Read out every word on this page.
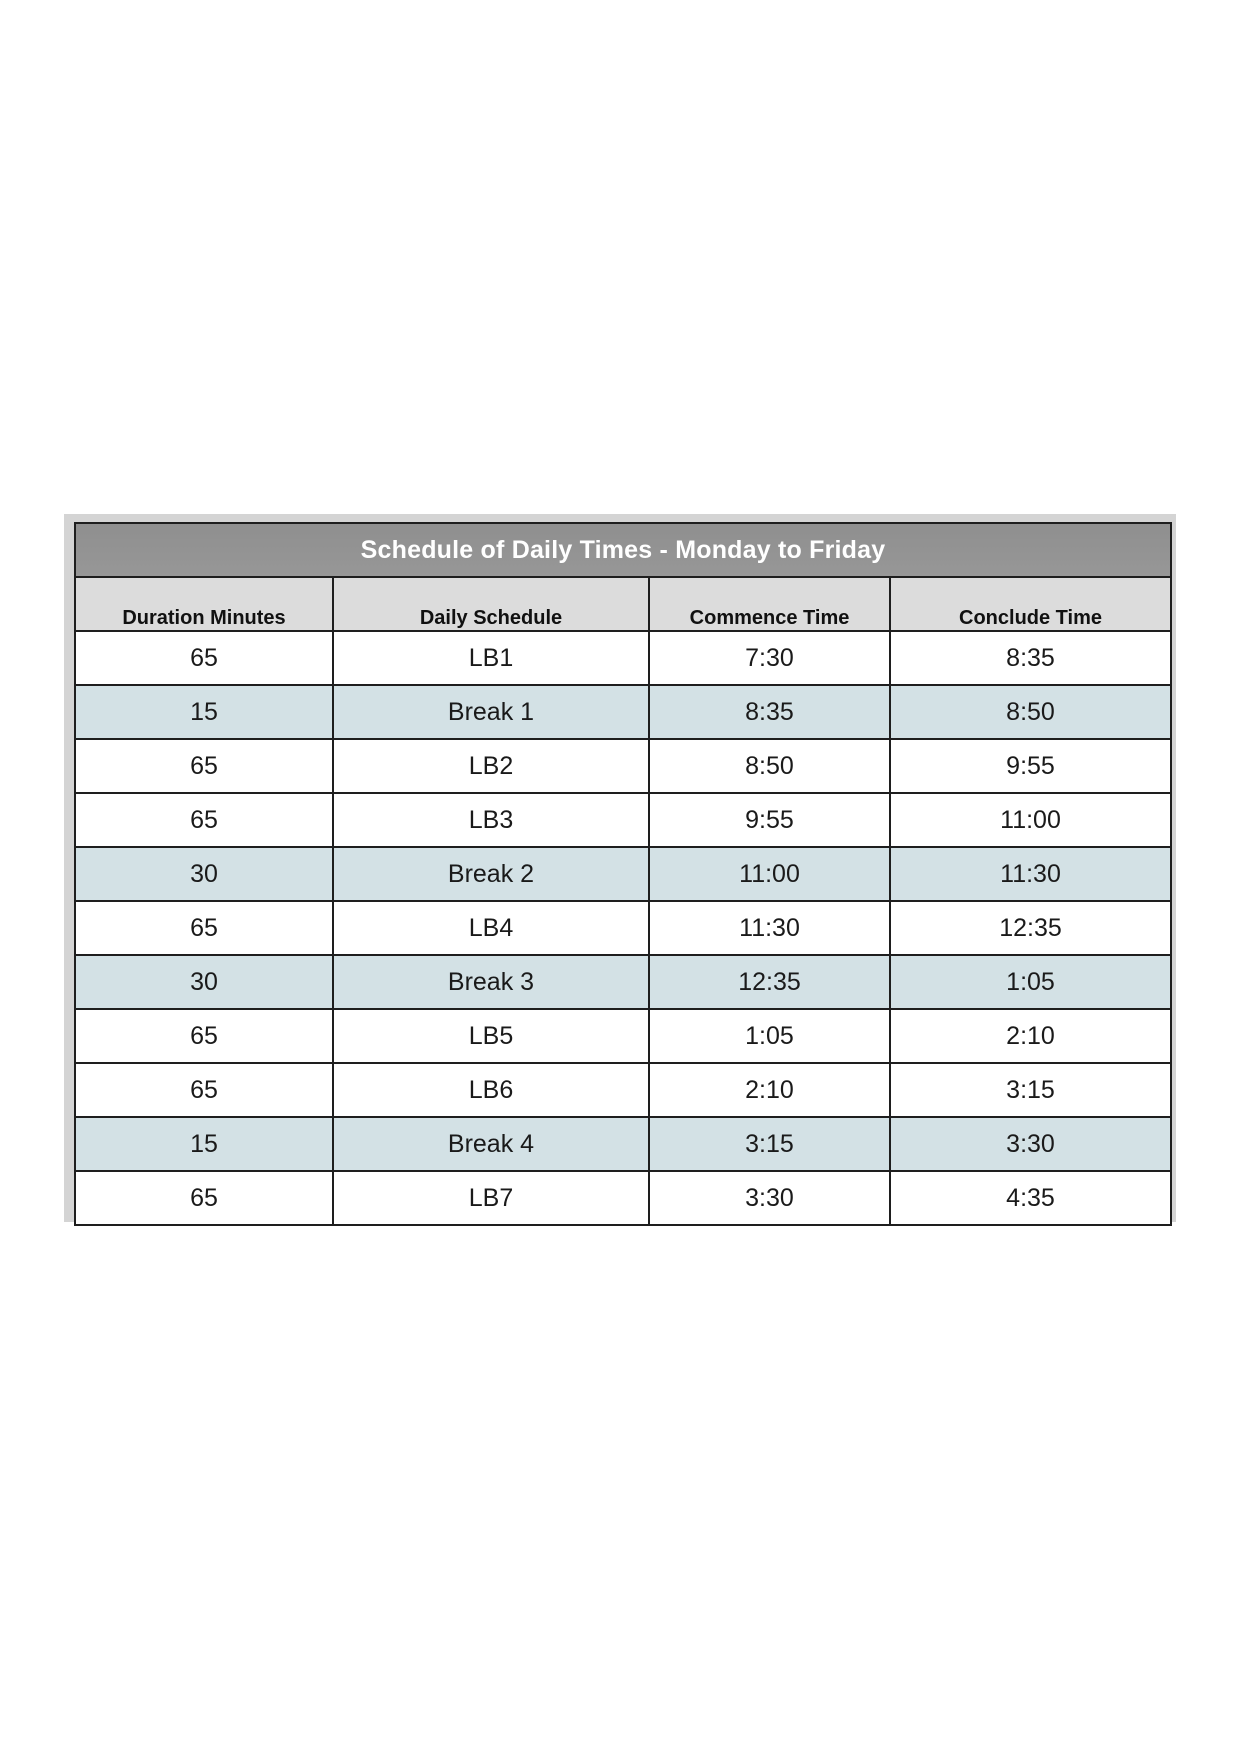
Schedule of Daily Times - Monday to Friday			
Duration Minutes	Daily Schedule	Commence Time	Conclude Time
65	LB1	7:30	8:35
15	Break 1	8:35	8:50
65	LB2	8:50	9:55
65	LB3	9:55	11:00
30	Break 2	11:00	11:30
65	LB4	11:30	12:35
30	Break 3	12:35	1:05
65	LB5	1:05	2:10
65	LB6	2:10	3:15
15	Break 4	3:15	3:30
65	LB7	3:30	4:35
